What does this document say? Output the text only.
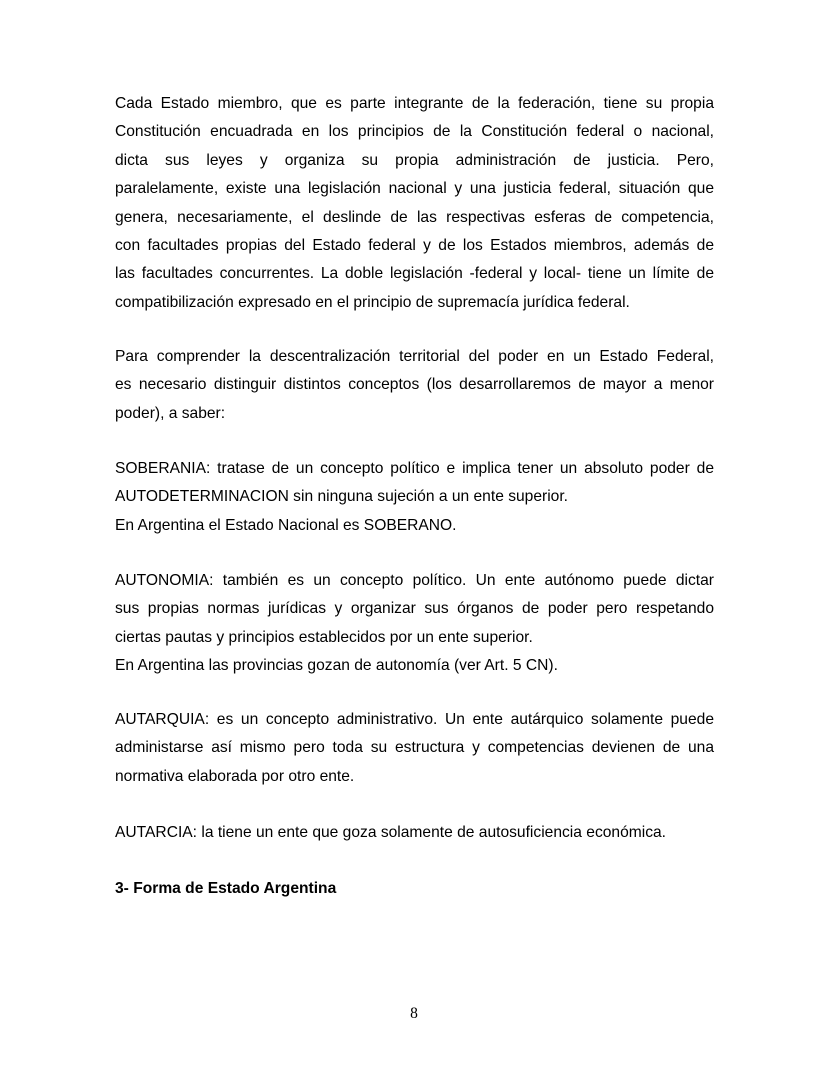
Cada Estado miembro, que es parte integrante de la federación, tiene su propia
Constitución encuadrada en los principios de la Constitución federal o nacional,
dicta sus leyes y organiza su propia administración de justicia. Pero,
paralelamente, existe una legislación nacional y una justicia federal, situación que
genera, necesariamente, el deslinde de las respectivas esferas de competencia,
con facultades propias del Estado federal y de los Estados miembros, además de
las facultades concurrentes. La doble legislación -federal y local- tiene un límite de
compatibilización expresado en el principio de supremacía jurídica federal.
Para comprender la descentralización territorial del poder en un Estado Federal,
es necesario distinguir distintos conceptos (los desarrollaremos de mayor a menor
poder), a saber:
SOBERANIA: tratase de un concepto político e implica tener un absoluto poder de
AUTODETERMINACION sin ninguna sujeción a un ente superior.
En Argentina el Estado Nacional es SOBERANO.
AUTONOMIA: también es un concepto político. Un ente autónomo puede dictar
sus propias normas jurídicas y organizar sus órganos de poder pero respetando
ciertas pautas y principios establecidos por un ente superior.
En Argentina las provincias gozan de autonomía (ver Art. 5 CN).
AUTARQUIA: es un concepto administrativo. Un ente autárquico solamente puede
administarse así mismo pero toda su estructura y competencias devienen de una
normativa elaborada por otro ente.
AUTARCIA: la tiene un ente que goza solamente de autosuficiencia económica.
3- Forma de Estado Argentina
8
